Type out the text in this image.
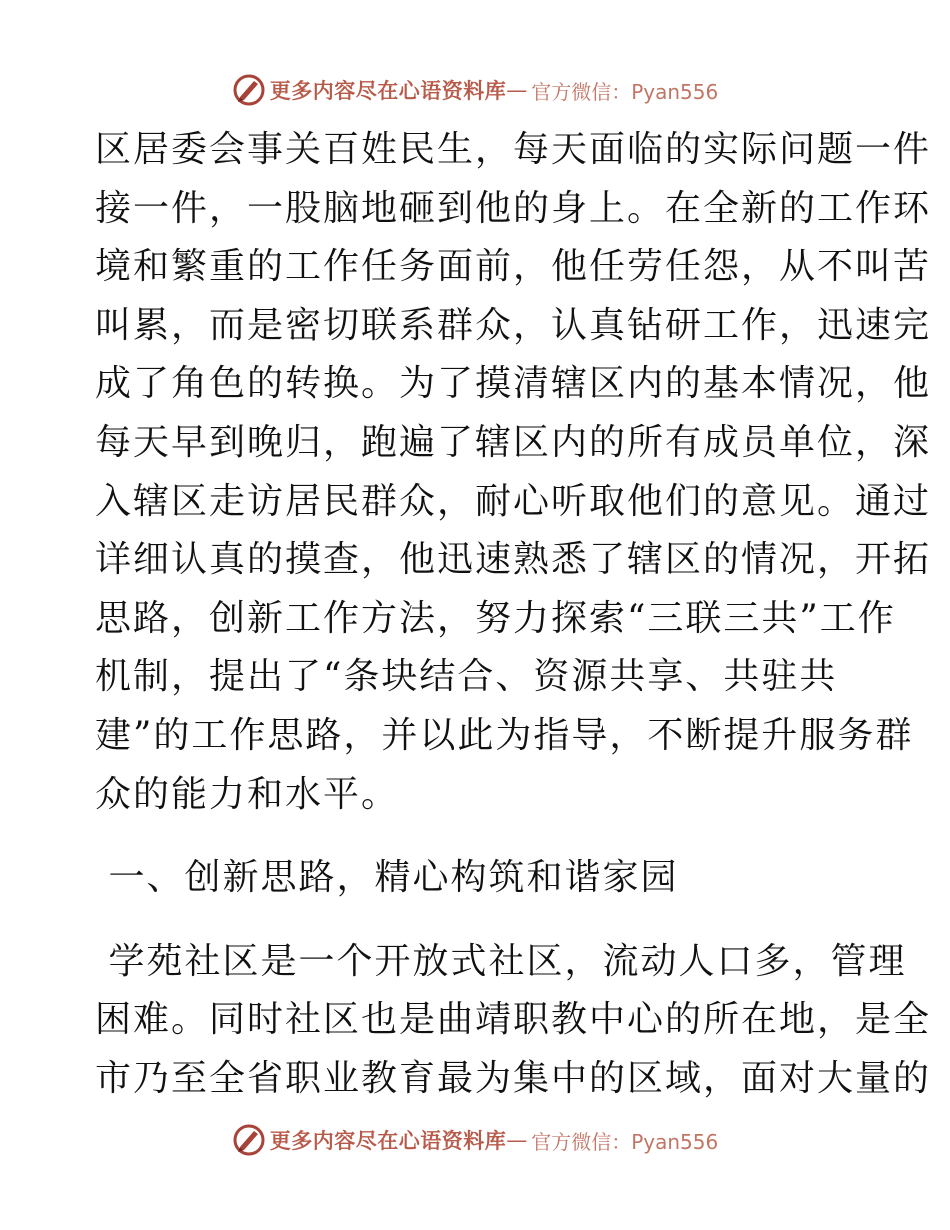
更多内容尽在心语资料库 — 官方微信：Pyan556
区居委会事关百姓民生，每天面临的实际问题一件
接一件，一股脑地砸到他的身上。在全新的工作环
境和繁重的工作任务面前，他任劳任怨，从不叫苦
叫累，而是密切联系群众，认真钻研工作，迅速完
成了角色的转换。为了摸清辖区内的基本情况，他
每天早到晚归，跑遍了辖区内的所有成员单位，深
入辖区走访居民群众，耐心听取他们的意见。通过
详细认真的摸查，他迅速熟悉了辖区的情况，开拓
思路，创新工作方法，努力探索“三联三共”工作
机制，提出了“条块结合、资源共享、共驻共
建”的工作思路，并以此为指导，不断提升服务群
众的能力和水平。
一、创新思路，精心构筑和谐家园
学苑社区是一个开放式社区，流动人口多，管理
困难。同时社区也是曲靖职教中心的所在地，是全
市乃至全省职业教育最为集中的区域，面对大量的
更多内容尽在心语资料库 — 官方微信：Pyan556
